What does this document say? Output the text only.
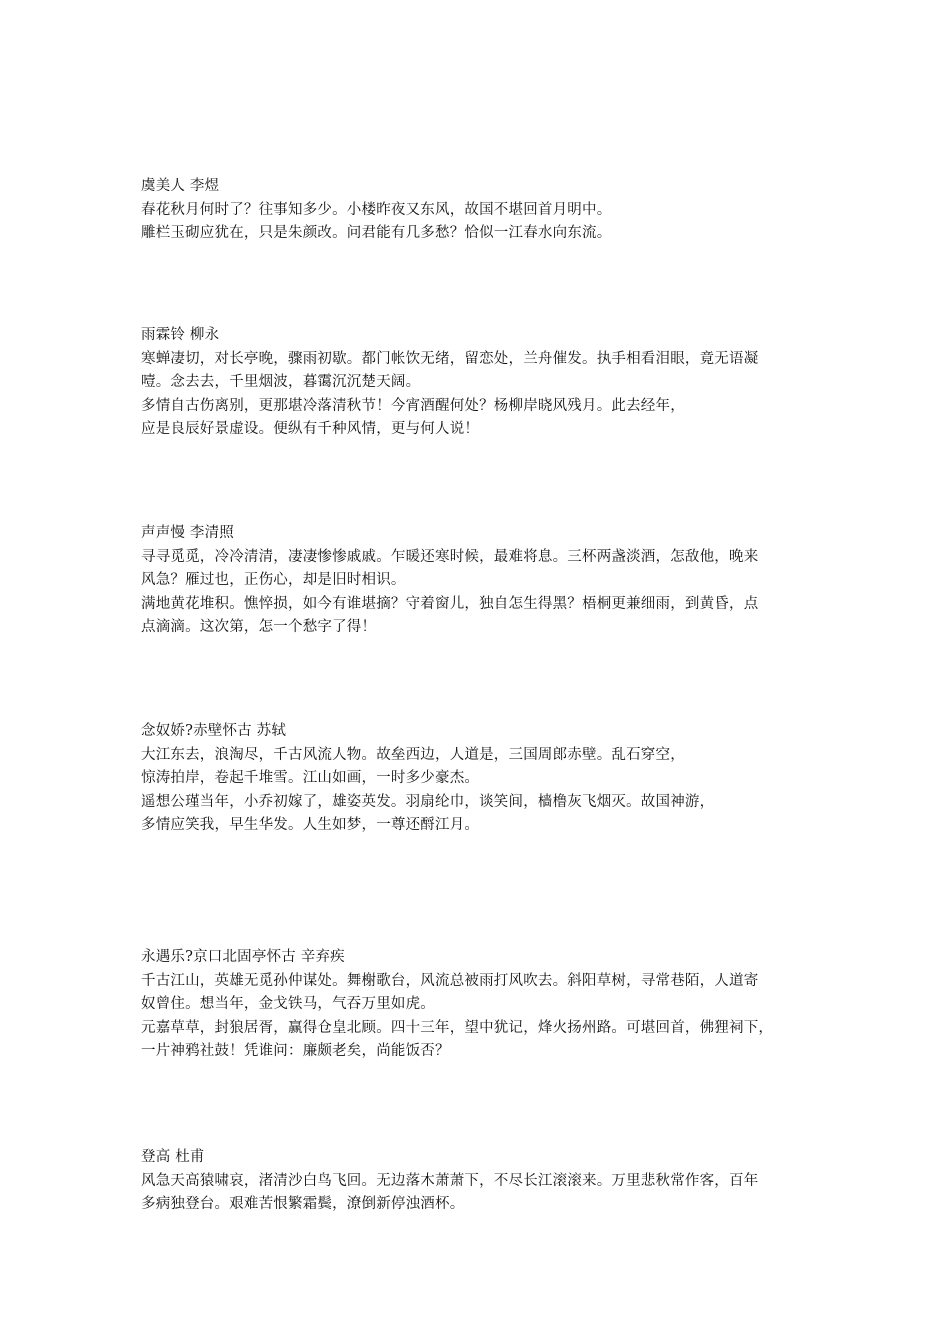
虞美人 李煜
春花秋月何时了？往事知多少。小楼昨夜又东风，故国不堪回首月明中。
雕栏玉砌应犹在，只是朱颜改。问君能有几多愁？恰似一江春水向东流。
雨霖铃 柳永
寒蝉凄切，对长亭晚，骤雨初歇。都门帐饮无绪，留恋处，兰舟催发。执手相看泪眼，竟无语凝
噎。念去去，千里烟波，暮霭沉沉楚天阔。
多情自古伤离别，更那堪冷落清秋节！今宵酒醒何处？杨柳岸晓风残月。此去经年，
应是良辰好景虚设。便纵有千种风情，更与何人说！
声声慢 李清照
寻寻觅觅，冷冷清清，凄凄惨惨戚戚。乍暖还寒时候，最难将息。三杯两盏淡酒，怎敌他，晚来
风急？雁过也，正伤心，却是旧时相识。
满地黄花堆积。憔悴损，如今有谁堪摘？守着窗儿，独自怎生得黑？梧桐更兼细雨，到黄昏，点
点滴滴。这次第，怎一个愁字了得！
念奴娇?赤壁怀古 苏轼
大江东去，浪淘尽，千古风流人物。故垒西边，人道是，三国周郎赤壁。乱石穿空，
惊涛拍岸，卷起千堆雪。江山如画，一时多少豪杰。
遥想公瑾当年，小乔初嫁了，雄姿英发。羽扇纶巾，谈笑间，樯橹灰飞烟灭。故国神游，
多情应笑我，早生华发。人生如梦，一尊还酹江月。
永遇乐?京口北固亭怀古 辛弃疾
千古江山，英雄无觅孙仲谋处。舞榭歌台，风流总被雨打风吹去。斜阳草树，寻常巷陌，人道寄
奴曾住。想当年，金戈铁马，气吞万里如虎。
元嘉草草，封狼居胥，赢得仓皇北顾。四十三年，望中犹记，烽火扬州路。可堪回首，佛狸祠下，
一片神鸦社鼓！凭谁问：廉颇老矣，尚能饭否？
登高 杜甫
风急天高猿啸哀，渚清沙白鸟飞回。无边落木萧萧下，不尽长江滚滚来。万里悲秋常作客，百年
多病独登台。艰难苦恨繁霜鬓，潦倒新停浊酒杯。
